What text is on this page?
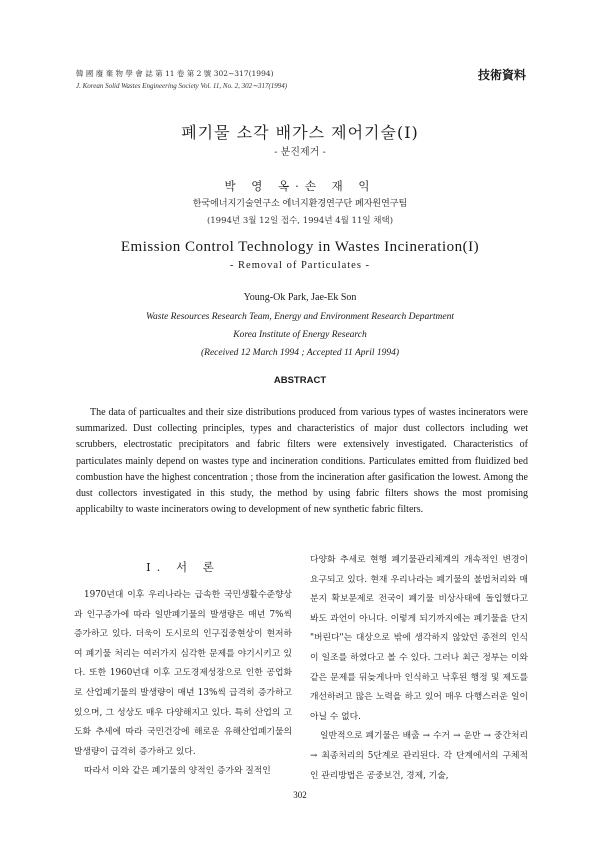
韓 國 廢 棄 物 學 會 誌 第 11 卷 第 2 號 302∼317(1994)
J. Korean Solid Wastes Engineering Society Vol. 11, No. 2, 302∼317(1994)
技術資料
폐기물 소각 배가스 제어기술(I)
- 분진제거 -
박 영 옥·손 재 익
한국에너지기술연구소 에너지환경연구단 폐자원연구팀
(1994년 3월 12일 접수, 1994년 4월 11일 채택)
Emission Control Technology in Wastes Incineration(I)
- Removal of Particulates -
Young-Ok Park, Jae-Ek Son
Waste Resources Research Team, Energy and Environment Research Department
Korea Institute of Energy Research
(Received 12 March 1994 ; Accepted 11 April 1994)
ABSTRACT
The data of particualtes and their size distributions produced from various types of wastes incinerators were summarized. Dust collecting principles, types and characteristics of major dust collectors including wet scrubbers, electrostatic precipitators and fabric filters were extensively investigated. Characteristics of particulates mainly depend on wastes type and incineration conditions. Particulates emitted from fluidized bed combustion have the highest concentration ; those from the incineration after gasification the lowest. Among the dust collectors investigated in this study, the method by using fabric filters shows the most promising applicabilty to waste incinerators owing to development of new synthetic fabric filters.
Ⅰ. 서 론

1970년대 이후 우리나라는 급속한 국민생활수준향상과 인구증가에 따라 일반폐기물의 발생량은 매년 7%씩 증가하고 있다. 더욱이 도시로의 인구집중현상이 현저하여 폐기물 처리는 여러가지 심각한 문제를 야기시키고 있다. 또한 1960년대 이후 고도경제성장으로 인한 공업화로 산업폐기물의 발생량이 매년 13%씩 급격히 증가하고 있으며, 그 성상도 매우 다양해지고 있다. 특히 산업의 고도화 추세에 따라 국민건강에 해로운 유해산업폐기물의 발생량이 급격히 증가하고 있다.

따라서 이와 같은 폐기물의 양적인 증가와 질적인

다양화 추세로 현행 폐기물관리체계의 개속적인 변경이 요구되고 있다. 현재 우리나라는 폐기물의 불법처리와 매분지 확보문제로 전국이 폐기물 비상사태에 돌입했다고 봐도 과언이 아니다. 이렇게 되기까지에는 폐기물을 단지 "버린다"는 대상으로 밖에 생각하지 않았던 종전의 인식이 일조를 하였다고 볼 수 있다. 그러나 최근 정부는 이와같은 문제를 뒤늦게나마 인식하고 낙후된 행정 및 제도를 개선하려고 많은 노력을 하고 있어 매우 다행스러운 일이 아닐 수 없다.

일반적으로 폐기물은 배출 → 수거 → 운반 → 중간처리 → 최종처리의 5단계로 관리된다. 각 단계에서의 구체적인 관리방법은 공중보건, 경제, 기술,

302
